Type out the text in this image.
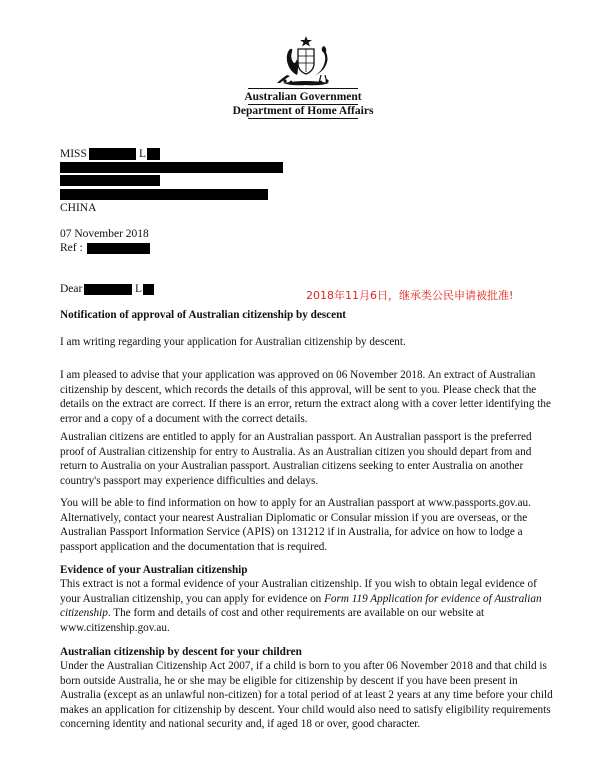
Australian Government
Department of Home Affairs
MISS	L
CHINA
07 November 2018
Ref :
Dear	L	2018年11月6日，继承类公民申请被批准!
Notification of approval of Australian citizenship by descent
I am writing regarding your application for Australian citizenship by descent.
I am pleased to advise that your application was approved on 06 November 2018. An extract of Australian citizenship by descent, which records the details of this approval, will be sent to you. Please check that the details on the extract are correct. If there is an error, return the extract along with a cover letter identifying the error and a copy of a document with the correct details.
Australian citizens are entitled to apply for an Australian passport. An Australian passport is the preferred proof of Australian citizenship for entry to Australia. As an Australian citizen you should depart from and return to Australia on your Australian passport. Australian citizens seeking to enter Australia on another country's passport may experience difficulties and delays.
You will be able to find information on how to apply for an Australian passport at www.passports.gov.au. Alternatively, contact your nearest Australian Diplomatic or Consular mission if you are overseas, or the Australian Passport Information Service (APIS) on 131212 if in Australia, for advice on how to lodge a passport application and the documentation that is required.
Evidence of your Australian citizenship
This extract is not a formal evidence of your Australian citizenship. If you wish to obtain legal evidence of your Australian citizenship, you can apply for evidence on Form 119 Application for evidence of Australian citizenship. The form and details of cost and other requirements are available on our website at www.citizenship.gov.au.
Australian citizenship by descent for your children
Under the Australian Citizenship Act 2007, if a child is born to you after 06 November 2018 and that child is born outside Australia, he or she may be eligible for citizenship by descent if you have been present in Australia (except as an unlawful non-citizen) for a total period of at least 2 years at any time before your child makes an application for citizenship by descent. Your child would also need to satisfy eligibility requirements concerning identity and national security and, if aged 18 or over, good character.
